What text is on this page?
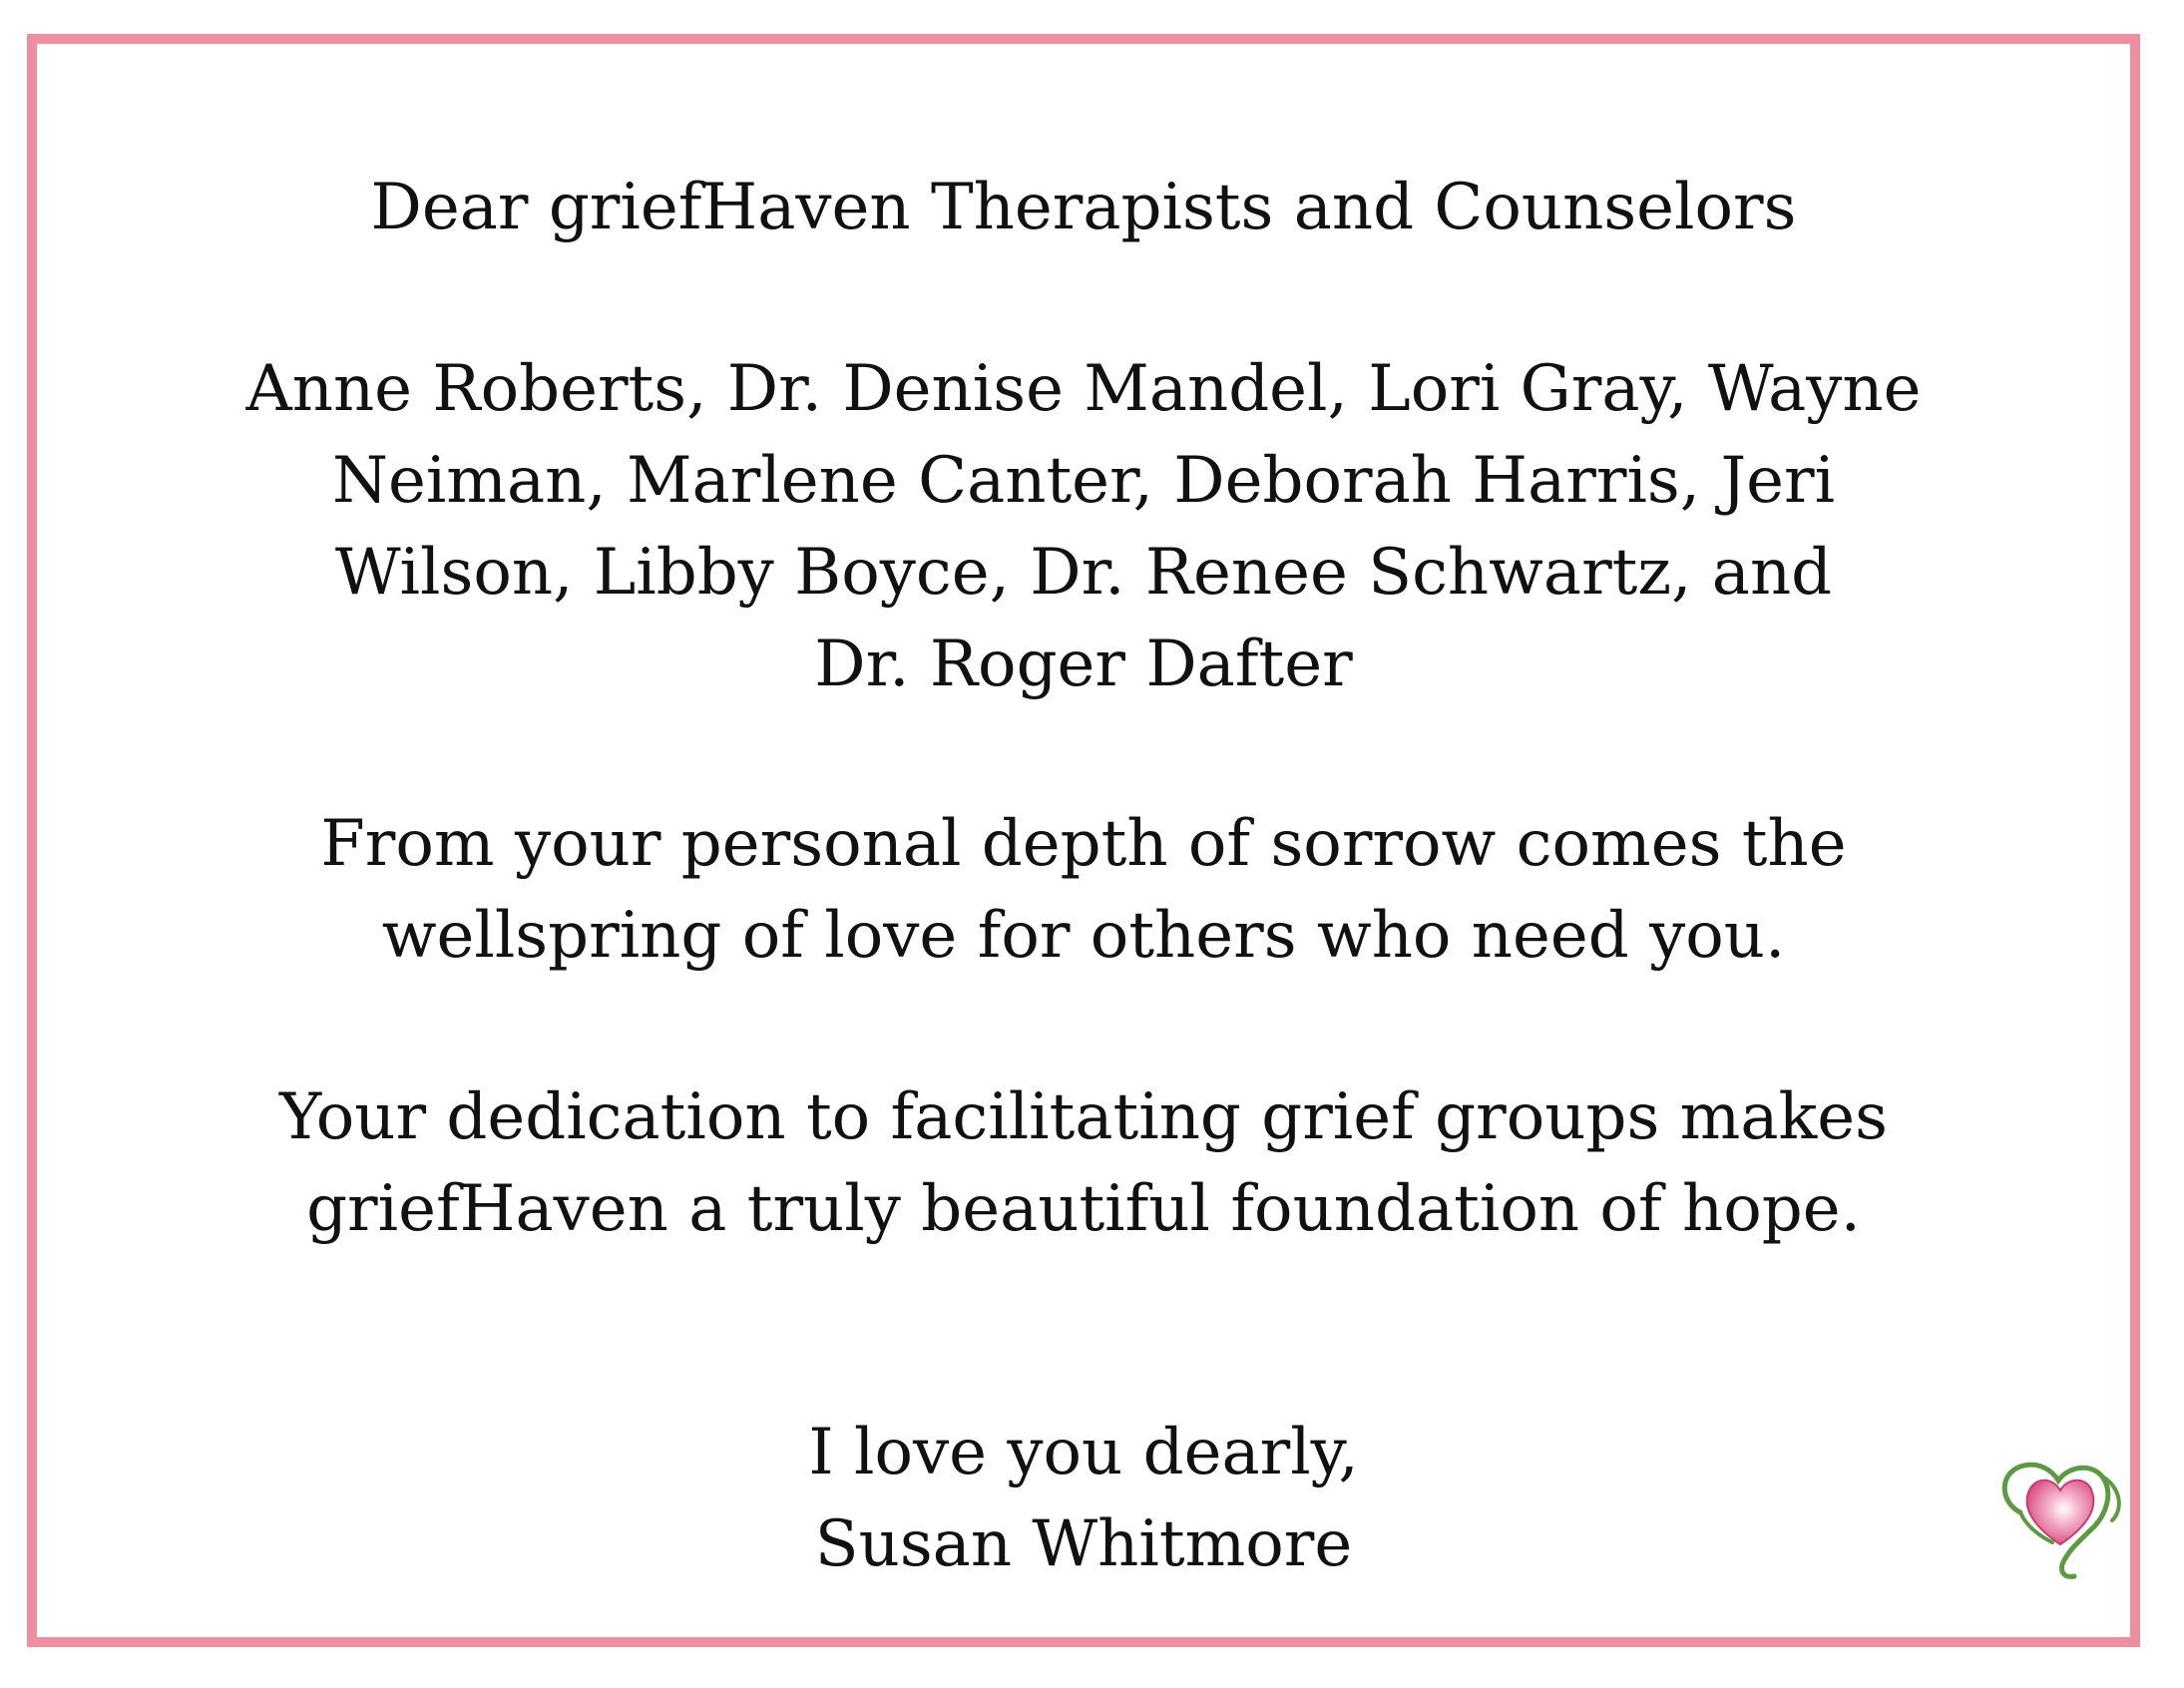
Dear griefHaven Therapists and Counselors
Anne Roberts, Dr. Denise Mandel, Lori Gray, Wayne
Neiman, Marlene Canter, Deborah Harris, Jeri
Wilson, Libby Boyce, Dr. Renee Schwartz, and
Dr. Roger Dafter
From your personal depth of sorrow comes the
wellspring of love for others who need you.
Your dedication to facilitating grief groups makes
griefHaven a truly beautiful foundation of hope.
I love you dearly,
Susan Whitmore
